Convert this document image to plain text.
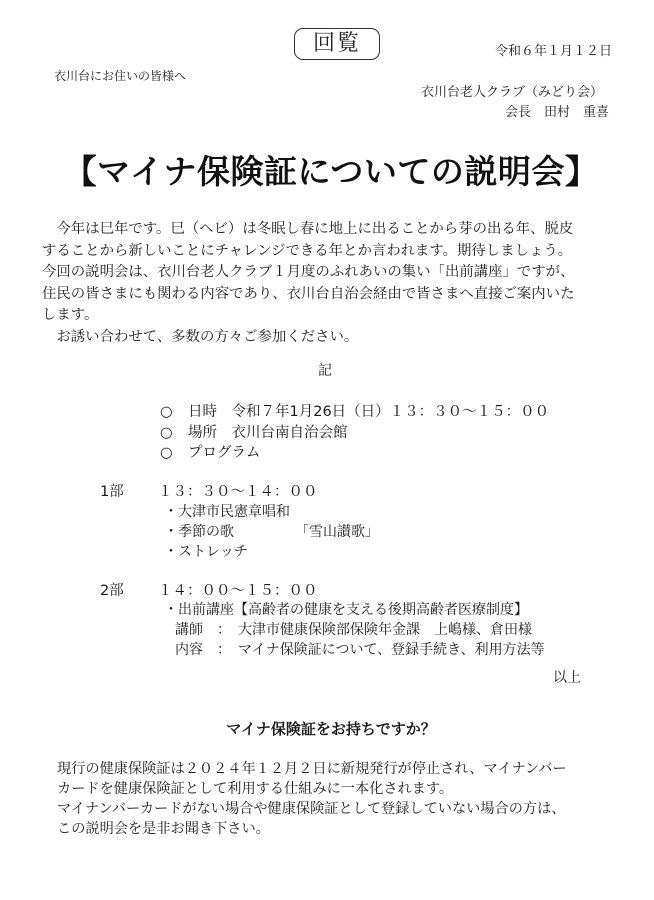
回覧	令和６年１月１２日
衣川台にお住いの皆様へ
衣川台老人クラブ（みどり会）
会長　田村　重喜
【マイナ保険証についての説明会】

今年は巳年です。巳（ヘビ）は冬眠し春に地上に出ることから芽の出る年、脱皮

することから新しいことにチャレンジできる年とか言われます。期待しましょう。

今回の説明会は、衣川台老人クラブ１月度のふれあいの集い「出前講座」ですが、

住民の皆さまにも関わる内容であり、衣川台自治会経由で皆さまへ直接ご案内いた

します。

お誘い合わせて、多数の方々ご参加ください。

記
○ 日時　令和７年1月26日（日）１３：３０～１５：００
○ 場所　衣川台南自治会館
○ プログラム
1部 １３：３０～１４：００
・大津市民憲章唱和
・季節の歌	「雪山讃歌」
・ストレッチ
2部 １４：００～１５：００
・出前講座【高齢者の健康を支える後期高齢者医療制度】
講師　：　大津市健康保険部保険年金課　上嶋様、倉田様
内容　：　マイナ保険証について、登録手続き、利用方法等
以上
マイナ保険証をお持ちですか？

現行の健康保険証は２０２４年１２月２日に新規発行が停止され、マイナンバー

カードを健康保険証として利用する仕組みに一本化されます。

マイナンバーカードがない場合や健康保険証として登録していない場合の方は、

この説明会を是非お聞き下さい。
